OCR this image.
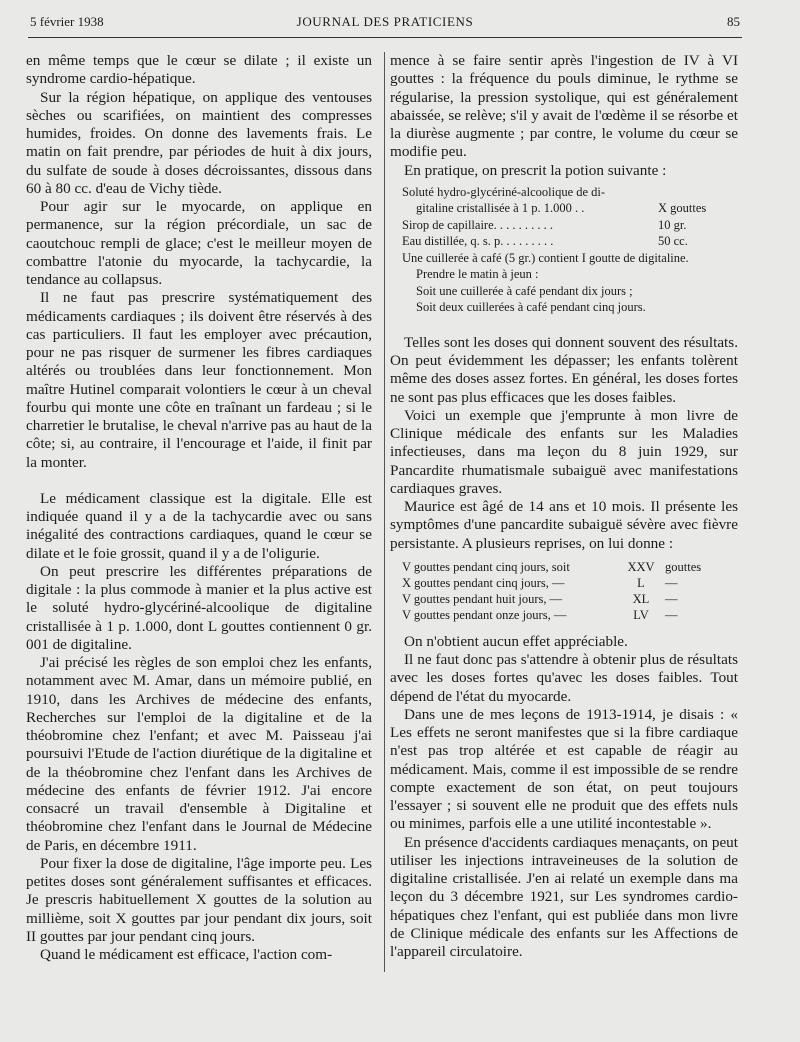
5 février 1938	JOURNAL DES PRATICIENS	85

en même temps que le cœur se dilate ; il existe un syndrome cardio-hépatique.

Sur la région hépatique, on applique des ventouses sèches ou scarifiées, on maintient des compresses humides, froides. On donne des lavements frais. Le matin on fait prendre, par périodes de huit à dix jours, du sulfate de soude à doses décroissantes, dissous dans 60 à 80 cc. d'eau de Vichy tiède.

Pour agir sur le myocarde, on applique en permanence, sur la région précordiale, un sac de caoutchouc rempli de glace; c'est le meilleur moyen de combattre l'atonie du myocarde, la tachycardie, la tendance au collapsus.

Il ne faut pas prescrire systématiquement des médicaments cardiaques ; ils doivent être réservés à des cas particuliers. Il faut les employer avec précaution, pour ne pas risquer de surmener les fibres cardiaques altérés ou troublées dans leur fonctionnement. Mon maître Hutinel comparait volontiers le cœur à un cheval fourbu qui monte une côte en traînant un fardeau ; si le charretier le brutalise, le cheval n'arrive pas au haut de la côte; si, au contraire, il l'encourage et l'aide, il finit par la monter.

Le médicament classique est la digitale. Elle est indiquée quand il y a de la tachycardie avec ou sans inégalité des contractions cardiaques, quand le cœur se dilate et le foie grossit, quand il y a de l'oligurie.

On peut prescrire les différentes préparations de digitale : la plus commode à manier et la plus active est le soluté hydro-glycériné-alcoolique de digitaline cristallisée à 1 p. 1.000, dont L gouttes contiennent 0 gr. 001 de digitaline.

J'ai précisé les règles de son emploi chez les enfants, notamment avec M. Amar, dans un mémoire publié, en 1910, dans les Archives de médecine des enfants, Recherches sur l'emploi de la digitaline et de la théobromine chez l'enfant; et avec M. Paisseau j'ai poursuivi l'Etude de l'action diurétique de la digitaline et de la théobromine chez l'enfant dans les Archives de médecine des enfants de février 1912. J'ai encore consacré un travail d'ensemble à Digitaline et théobromine chez l'enfant dans le Journal de Médecine de Paris, en décembre 1911.

Pour fixer la dose de digitaline, l'âge importe peu. Les petites doses sont généralement suffisantes et efficaces. Je prescris habituellement X gouttes de la solution au millième, soit X gouttes par jour pendant dix jours, soit II gouttes par jour pendant cinq jours.

Quand le médicament est efficace, l'action com-

mence à se faire sentir après l'ingestion de IV à VI gouttes : la fréquence du pouls diminue, le rythme se régularise, la pression systolique, qui est généralement abaissée, se relève; s'il y avait de l'œdème il se résorbe et la diurèse augmente ; par contre, le volume du cœur se modifie peu.

En pratique, on prescrit la potion suivante :

Soluté hydro-glycériné-alcoolique de di-
gitaline cristallisée à 1 p. 1.000 . .	X gouttes
Sirop de capillaire. . . . . . . . . .	10 gr.
Eau distillée, q. s. p. . . . . . . . .	50 cc.
Une cuillerée à café (5 gr.) contient I goutte de digitaline.
Prendre le matin à jeun :
Soit une cuillerée à café pendant dix jours ;
Soit deux cuillerées à café pendant cinq jours.

Telles sont les doses qui donnent souvent des résultats. On peut évidemment les dépasser; les enfants tolèrent même des doses assez fortes. En général, les doses fortes ne sont pas plus efficaces que les doses faibles.

Voici un exemple que j'emprunte à mon livre de Clinique médicale des enfants sur les Maladies infectieuses, dans ma leçon du 8 juin 1929, sur Pancardite rhumatismale subaiguë avec manifestations cardiaques graves.

Maurice est âgé de 14 ans et 10 mois. Il présente les symptômes d'une pancardite subaiguë sévère avec fièvre persistante. A plusieurs reprises, on lui donne :

V gouttes pendant cinq jours, soit	XXV gouttes
X gouttes pendant cinq jours, —	L	—
V gouttes pendant huit jours, —	XL	—
V gouttes pendant onze jours, —	LV	—

On n'obtient aucun effet appréciable.

Il ne faut donc pas s'attendre à obtenir plus de résultats avec les doses fortes qu'avec les doses faibles. Tout dépend de l'état du myocarde.

Dans une de mes leçons de 1913-1914, je disais : « Les effets ne seront manifestes que si la fibre cardiaque n'est pas trop altérée et est capable de réagir au médicament. Mais, comme il est impossible de se rendre compte exactement de son état, on peut toujours l'essayer ; si souvent elle ne produit que des effets nuls ou minimes, parfois elle a une utilité incontestable ».

En présence d'accidents cardiaques menaçants, on peut utiliser les injections intraveineuses de la solution de digitaline cristallisée. J'en ai relaté un exemple dans ma leçon du 3 décembre 1921, sur Les syndromes cardio-hépatiques chez l'enfant, qui est publiée dans mon livre de Clinique médicale des enfants sur les Affections de l'appareil circulatoire.
